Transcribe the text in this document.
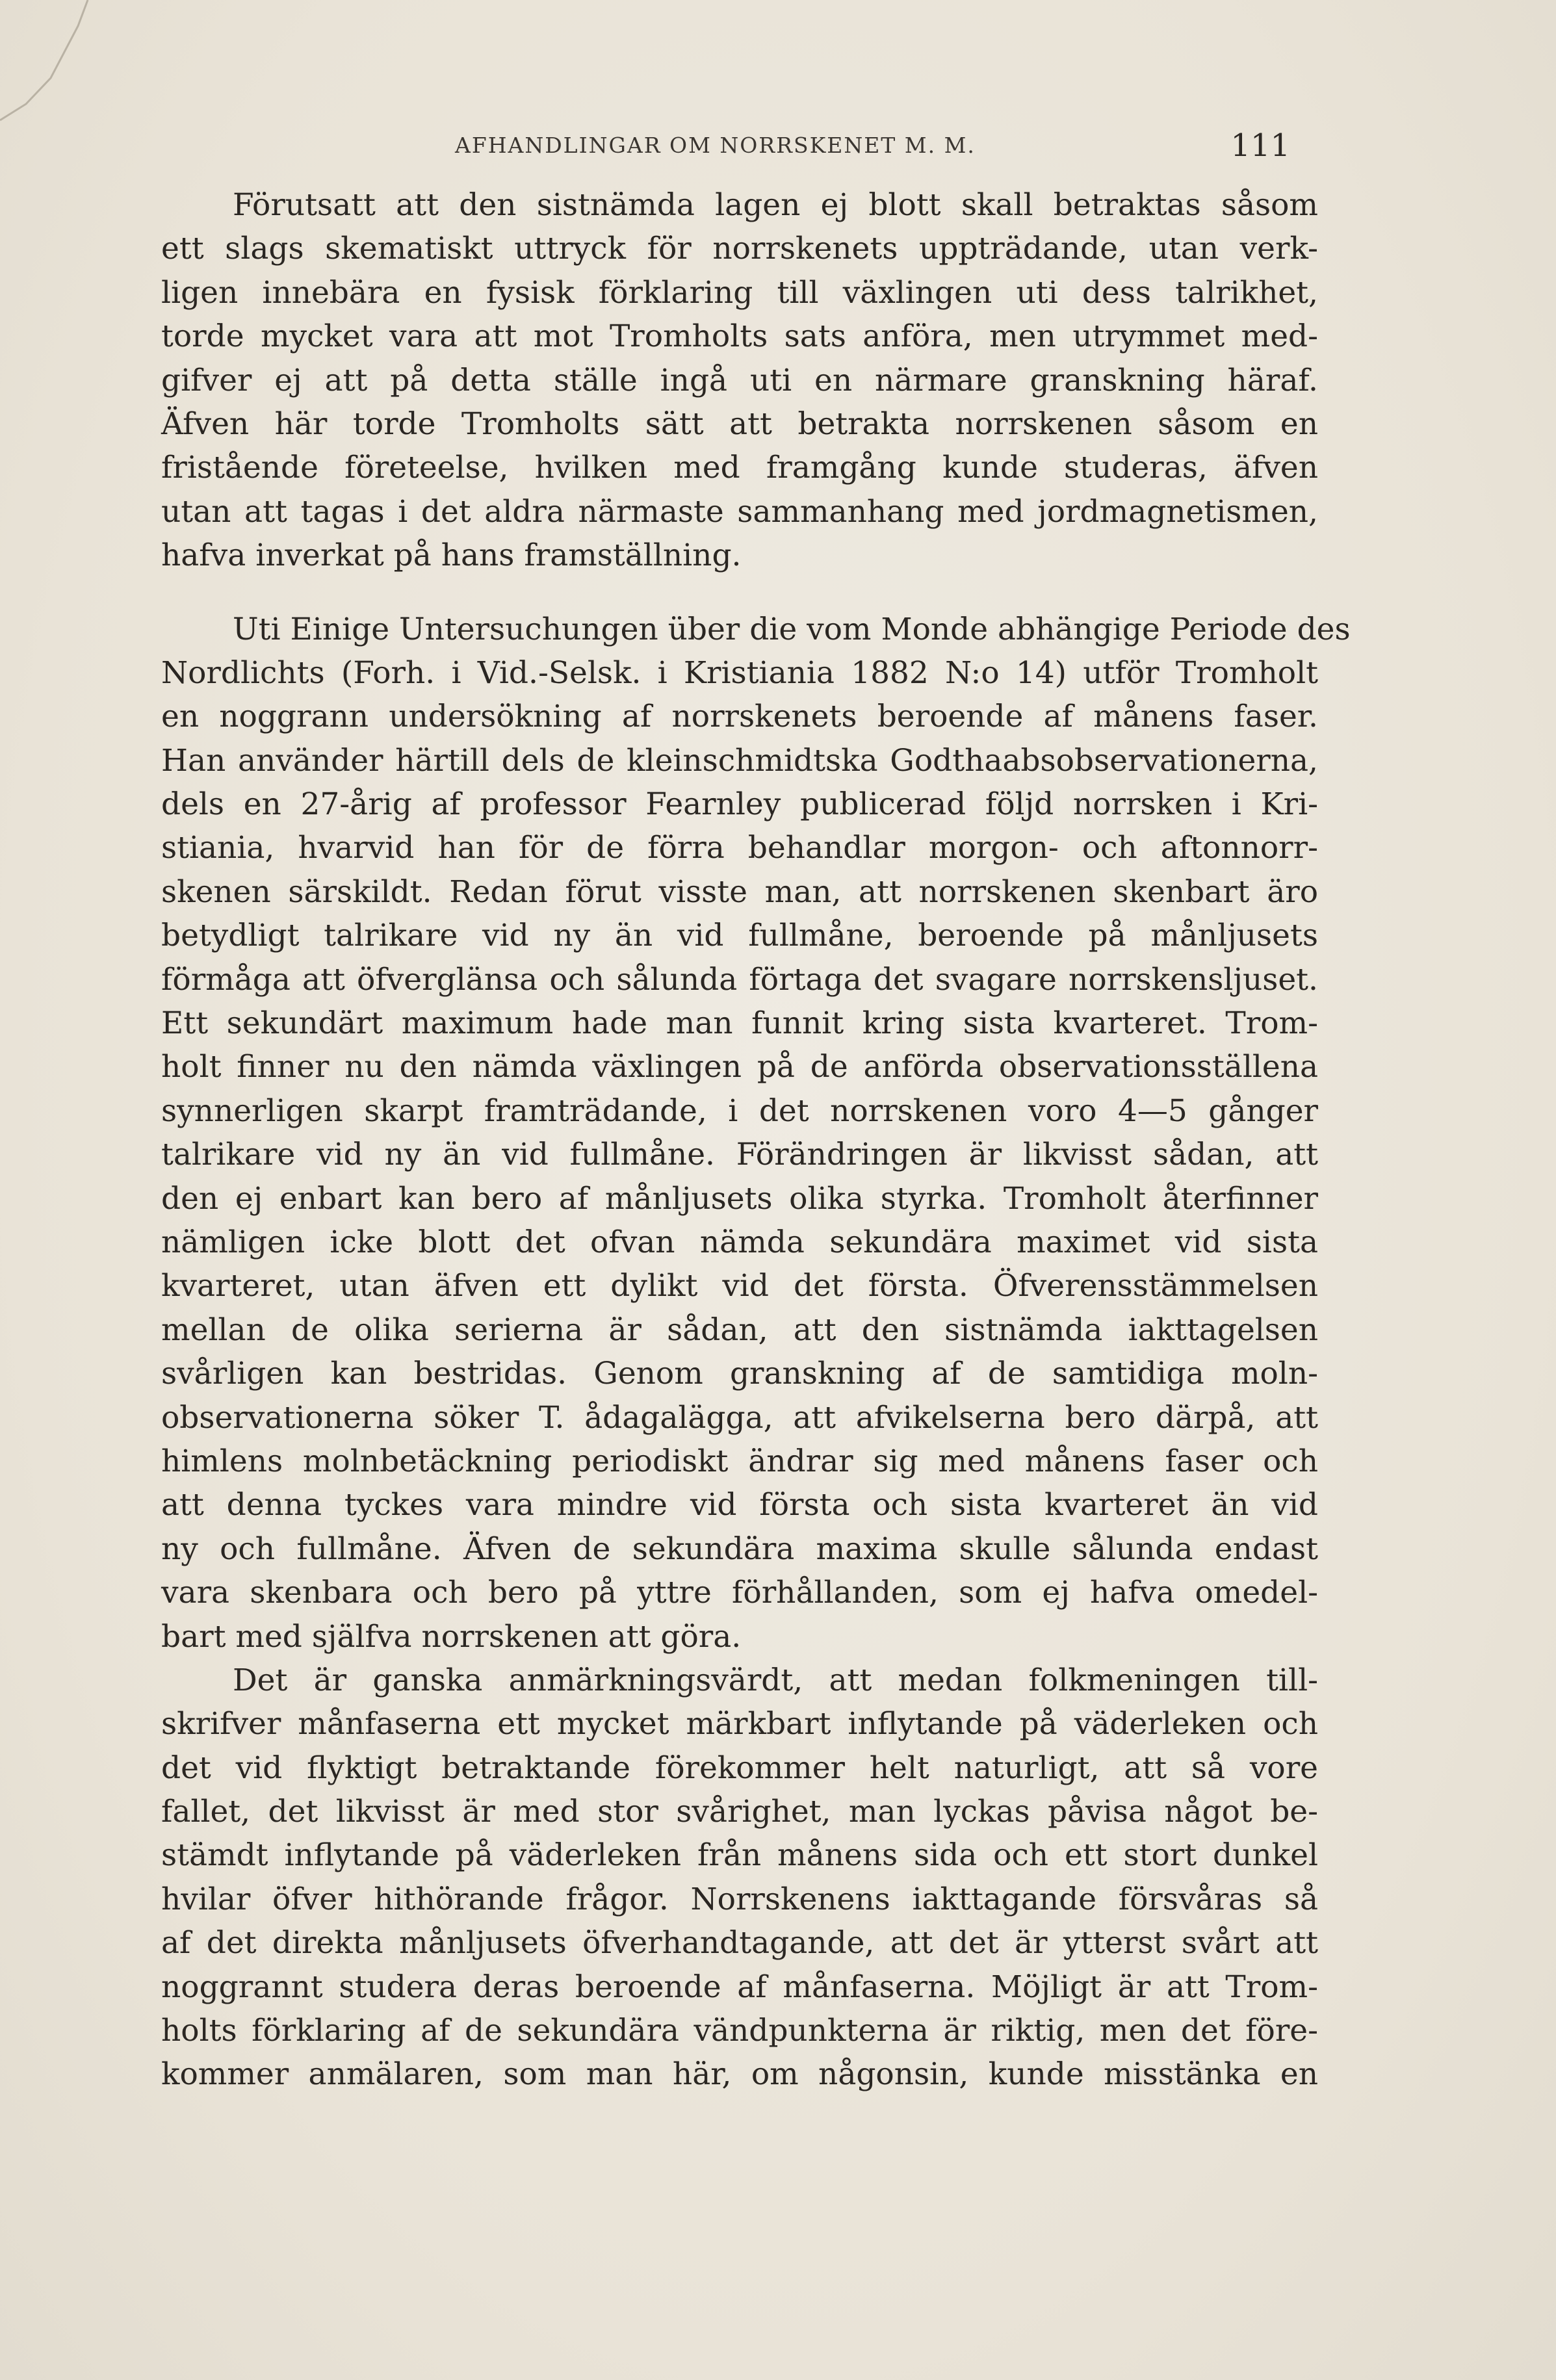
AFHANDLINGAR OM NORRSKENET M. M.	111
Förutsatt att den sistnämda lagen ej blott skall betraktas såsom
ett slags skematiskt uttryck för norrskenets uppträdande, utan verk-
ligen innebära en fysisk förklaring till växlingen uti dess talrikhet,
torde mycket vara att mot Tromholts sats anföra, men utrymmet med-
gifver ej att på detta ställe ingå uti en närmare granskning häraf.
Äfven här torde Tromholts sätt att betrakta norrskenen såsom en
fristående företeelse, hvilken med framgång kunde studeras, äfven
utan att tagas i det aldra närmaste sammanhang med jordmagnetismen,
hafva inverkat på hans framställning.
Uti Einige Untersuchungen über die vom Monde abhängige Periode des
Nordlichts (Forh. i Vid.-Selsk. i Kristiania 1882 N:o 14) utför Tromholt
en noggrann undersökning af norrskenets beroende af månens faser.
Han använder härtill dels de kleinschmidtska Godthaabsobservationerna,
dels en 27-årig af professor Fearnley publicerad följd norrsken i Kri-
stiania, hvarvid han för de förra behandlar morgon- och aftonnorr-
skenen särskildt. Redan förut visste man, att norrskenen skenbart äro
betydligt talrikare vid ny än vid fullmåne, beroende på månljusets
förmåga att öfverglänsa och sålunda förtaga det svagare norrskensljuset.
Ett sekundärt maximum hade man funnit kring sista kvarteret. Trom-
holt finner nu den nämda växlingen på de anförda observationsställena
synnerligen skarpt framträdande, i det norrskenen voro 4—5 gånger
talrikare vid ny än vid fullmåne. Förändringen är likvisst sådan, att
den ej enbart kan bero af månljusets olika styrka. Tromholt återfinner
nämligen icke blott det ofvan nämda sekundära maximet vid sista
kvarteret, utan äfven ett dylikt vid det första. Öfverensstämmelsen
mellan de olika serierna är sådan, att den sistnämda iakttagelsen
svårligen kan bestridas. Genom granskning af de samtidiga moln-
observationerna söker T. ådagalägga, att afvikelserna bero därpå, att
himlens molnbetäckning periodiskt ändrar sig med månens faser och
att denna tyckes vara mindre vid första och sista kvarteret än vid
ny och fullmåne. Äfven de sekundära maxima skulle sålunda endast
vara skenbara och bero på yttre förhållanden, som ej hafva omedel-
bart med själfva norrskenen att göra.
Det är ganska anmärkningsvärdt, att medan folkmeningen till-
skrifver månfaserna ett mycket märkbart inflytande på väderleken och
det vid flyktigt betraktande förekommer helt naturligt, att så vore
fallet, det likvisst är med stor svårighet, man lyckas påvisa något be-
stämdt inflytande på väderleken från månens sida och ett stort dunkel
hvilar öfver hithörande frågor. Norrskenens iakttagande försvåras så
af det direkta månljusets öfverhandtagande, att det är ytterst svårt att
noggrannt studera deras beroende af månfaserna. Möjligt är att Trom-
holts förklaring af de sekundära vändpunkterna är riktig, men det före-
kommer anmälaren, som man här, om någonsin, kunde misstänka en
